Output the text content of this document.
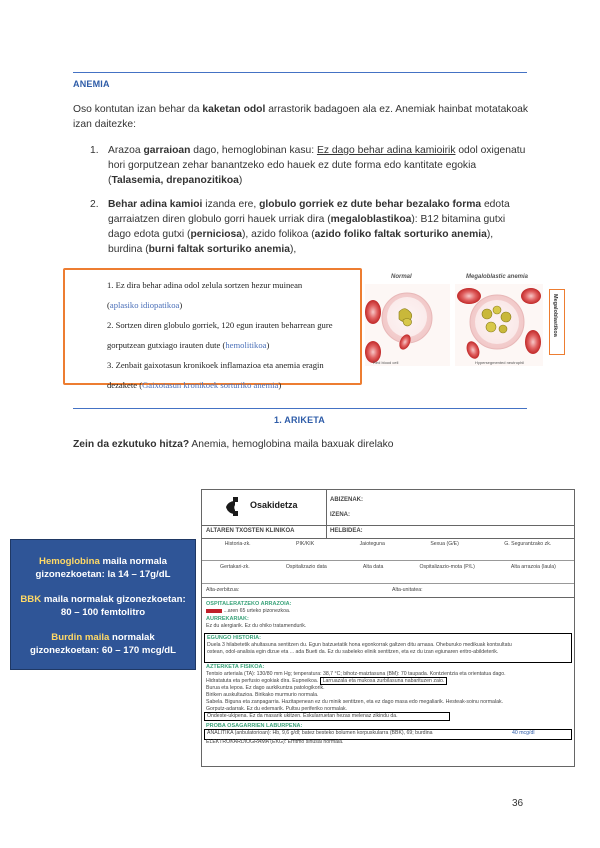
ANEMIA
Oso kontutan izan behar da kaketan odol arrastorik badagoen ala ez. Anemiak hainbat motatakoak izan daitezke:
1. Arazoa garraioan dago, hemoglobinan kasu: Ez dago behar adina kamioirik odol oxigenatu hori gorputzean zehar banantzeko edo hauek ez dute forma edo kantitate egokia (Talasemia, drepanozitikoa)
2. Behar adina kamioi izanda ere, globulo gorriek ez dute behar bezalako forma edota garraiatzen diren globulo gorri hauek urriak dira (megaloblastikoa): B12 bitamina gutxi dago edota gutxi (perniciosa), azido folikoa (azido foliko faltak sorturiko anemia), burdina (burni faltak sorturiko anemia),
1. Ez dira behar adina odol zelula sortzen hezur muinean
(aplasiko idiopatikoa)
2. Sortzen diren globulo gorriek, 120 egun irauten beharrean gure
gorputzean gutxiago irauten dute (hemolitikoa)
3. Zenbait gaixotasun kronikoek inflamazioa eta anemia eragin
dezakete (Gaixotasun kronikoek sorturiko anemia)
Normal	Megaloblastic anemia
Red blood cell	Hypersegmented neutrophil
Megaloblastikoa
1. ARIKETA
Zein da ezkutuko hitza? Anemia, hemoglobina maila baxuak direlako
Hemoglobina maila normala
gizonezkoetan: la 14 – 17g/dL
BBK maila normalak gizonezkoetan:
80 – 100 femtolitro
Burdin maila normalak
gizonezkoetan: 60 – 170 mcg/dL
Osakidetza	ABIZENAK:
IZENA:
ALTAREN TXOSTEN KLINIKOA	HELBIDEA:
Historia-zk.	PIK/KIK	Jaioteguna	Sexua (G/E)	G. Segurantzako zk.
Gertakari-zk.	Ospitalizazio data	Alta data	Ospitalizazio-mota (P/L)	Alta arrazoia (laula)
Alta-zerbitzua:	Alta-unitatea:
OSPITALERATZEKO ARRAZOIA:
...aren 65 urteko pizonezkoa.
AURREKARIAK:
Ez du alergiarik. Ez du ohiko tratamendurik.
EGUNGO HISTORIA:
Duela 3 hilabetetik ahultasuna sentitzen du. Egun batzuetatik hona egonkorrak galtzen ditu arnasa. Oheburuko medikuak kontsultatu
ostean, odol-analisia egin dizue eta ... ada Bueti da. Ez du sabeleko elinik sentitzen, eta ez du izan egiunaren eritro-abildeterik.
AZTERKETA FISIKOA:
Tentsio arteriala (TA): 130/80 mm Hg; tenperatura: 38,7 °C; bihotz-maiztasuna (BM): 70 taupada. Kontzientzia eta orientatua dago.
Hidratatuta eta perfusio egokiak dira. Eupneikoa. Larruazala eta mukosa zurbilasuna nabarituzen zaio.
Burua eta lepoa. Ez dago aurkikuntza patologikorik.
Biriken auskultazioa. Birikako murmurio normala.
Sabela. Biguna eta zanpagarria. Hazitapenean ez du minik sentitzen, eta ez dago masa edo megaliarik. Hesteak-soinu normalak.
Gorputz-adarrak. Ez du edemarik. Pultsu periferiko normalak.
Ondeste-ukipena. Ez da masarik ukitzen. Eskularruetan hezas melenaz zikindu da.
PROBA OSAGARRIEN LABURPENA:
ANALITIKA (anbulatorioan): Hb, 9,6 g/dl; batez besteko bolumen korpuskularra (BBK), 69; burdina	40 mcg/dl
ELEKTROKARDIOGRAMA (EKG): Erritmo sinusal normala.
36
